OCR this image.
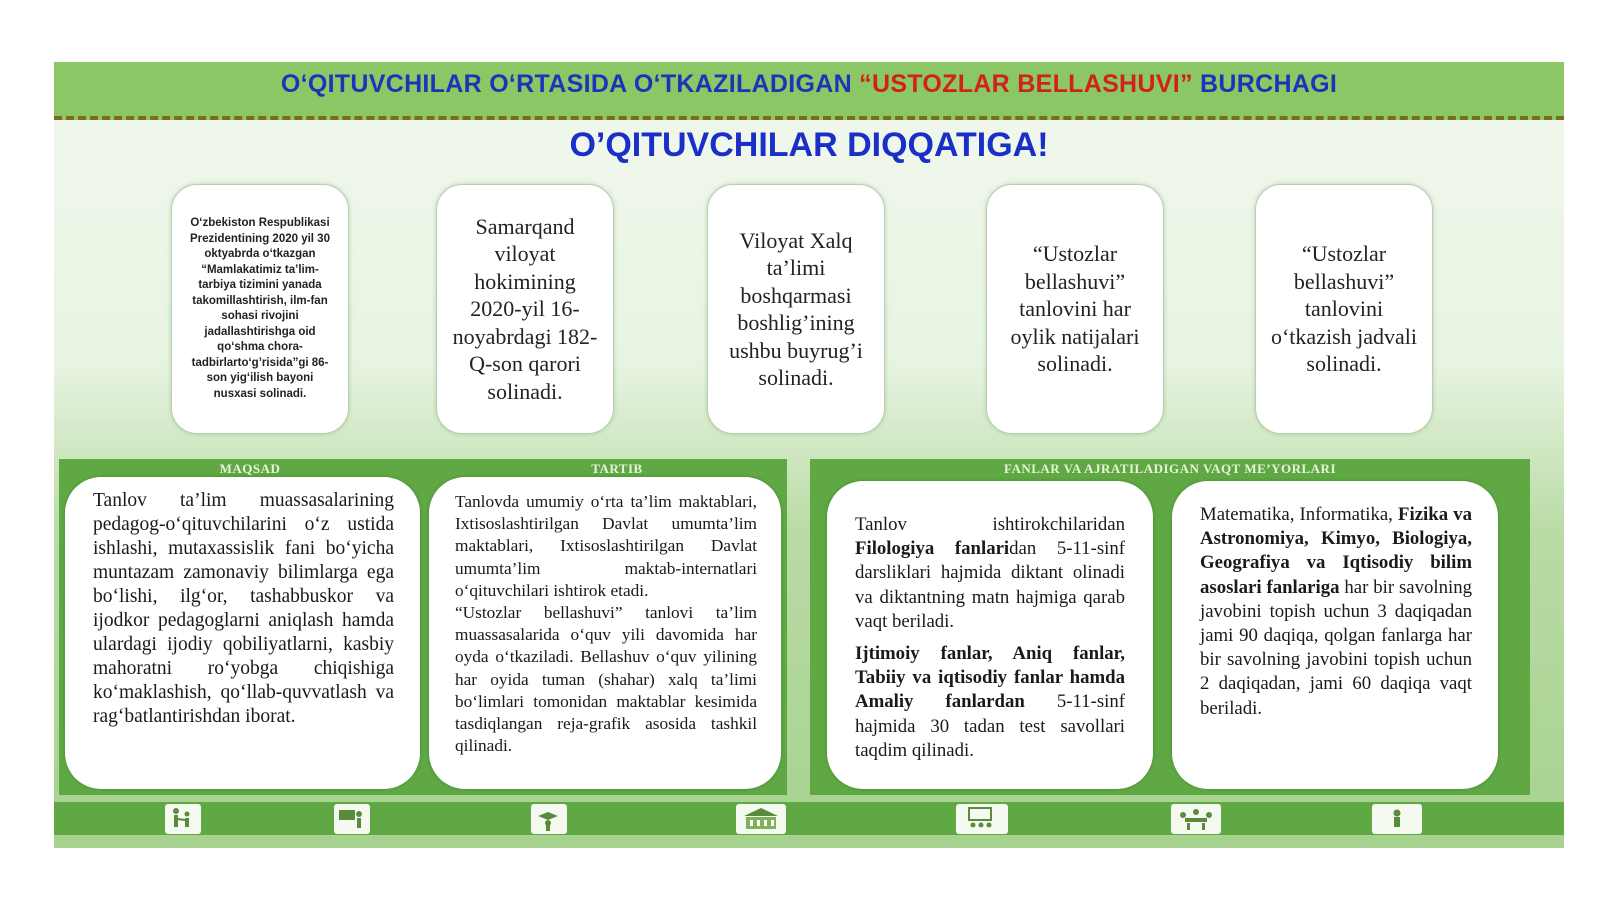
O‘QITUVCHILAR O‘RTASIDA O‘TKAZILADIGAN “USTOZLAR BELLASHUVI” BURCHAGI
O’QITUVCHILAR DIQQATIGA!
O‘zbekiston Respublikasi Prezidentining 2020 yil 30 oktyabrda o‘tkazgan “Mamlakatimiz ta’lim-tarbiya tizimini yanada takomillashtirish, ilm-fan sohasi rivojini jadallashtirishga oid qo‘shma chora-tadbirlarto‘g’risida”gi 86-son yig‘ilish bayoni nusxasi solinadi.
Samarqand viloyat hokimining 2020-yil 16-noyabrdagi 182-Q-son qarori solinadi.
Viloyat Xalq ta’limi boshqarmasi boshlig’ining ushbu buyrug’i solinadi.
“Ustozlar bellashuvi” tanlovini har oylik natijalari solinadi.
“Ustozlar bellashuvi” tanlovini o‘tkazish jadvali solinadi.
MAQSAD	TARTIB

Tanlov ta’lim muassasalarining pedagog-o‘qituvchilarini o‘z ustida ishlashi, mutaxassislik fani bo‘yicha muntazam zamonaviy bilimlarga ega bo‘lishi, ilg‘or, tashabbuskor va ijodkor pedagoglarni aniqlash hamda ulardagi ijodiy qobiliyatlarni, kasbiy mahoratni ro‘yobga chiqishiga ko‘maklashish, qo‘llab-quvvatlash va rag‘batlantirishdan iborat.

Tanlovda umumiy o‘rta ta’lim maktablari, Ixtisoslashtirilgan Davlat umumta’lim maktablari, Ixtisoslashtirilgan Davlat umumta’lim maktab-internatlari o‘qituvchilari ishtirok etadi.

“Ustozlar bellashuvi” tanlovi ta’lim muassasalarida o‘quv yili davomida har oyda o‘tkaziladi. Bellashuv o‘quv yilining har oyida tuman (shahar) xalq ta’limi bo‘limlari tomonidan maktablar kesimida tasdiqlangan reja-grafik asosida tashkil qilinadi.

FANLAR VA AJRATILADIGAN VAQT ME’YORLARI

Tanlov ishtirokchilaridan Filologiya fanlaridan 5-11-sinf darsliklari hajmida diktant olinadi va diktantning matn hajmiga qarab vaqt beriladi.

Ijtimoiy fanlar, Aniq fanlar, Tabiiy va iqtisodiy fanlar hamda Amaliy fanlardan 5-11-sinf hajmida 30 tadan test savollari taqdim qilinadi.

Matematika, Informatika, Fizika va Astronomiya, Kimyo, Biologiya, Geografiya va Iqtisodiy bilim asoslari fanlariga har bir savolning javobini topish uchun 3 daqiqadan jami 90 daqiqa, qolgan fanlarga har bir savolning javobini topish uchun 2 daqiqadan, jami 60 daqiqa vaqt beriladi.
